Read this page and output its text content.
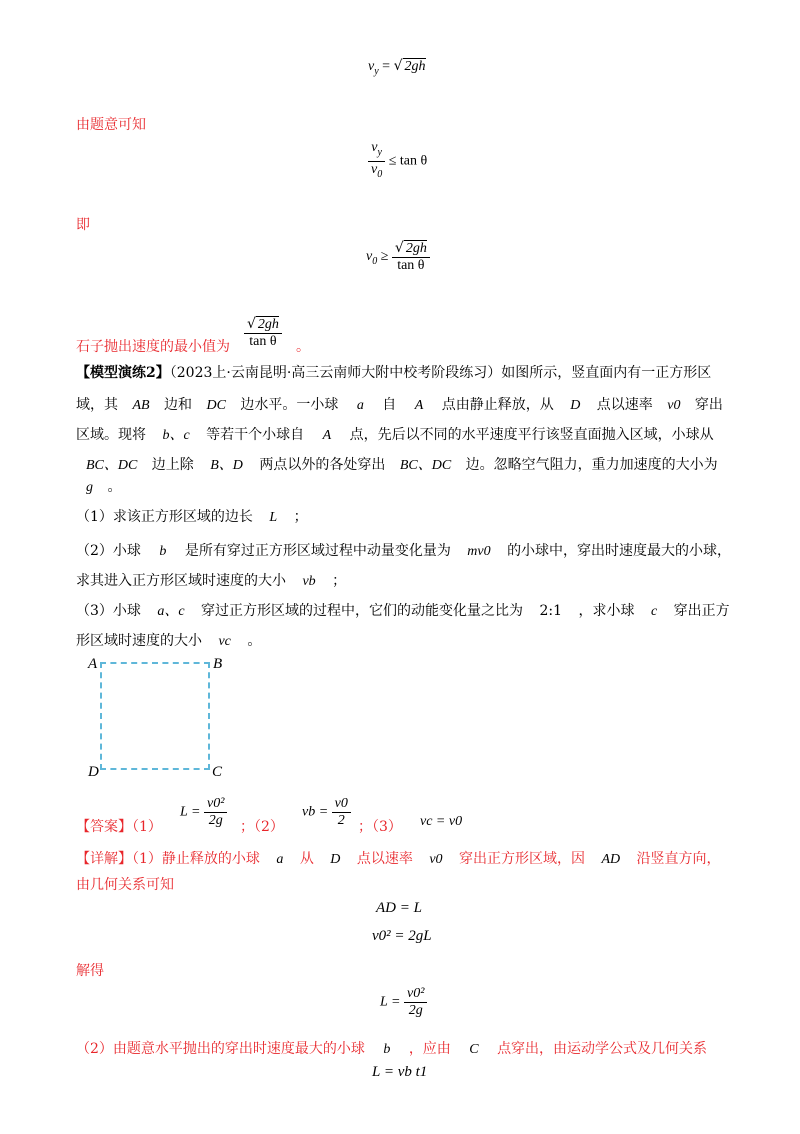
$v_y$ = √ 2gh
由题意可知
$\frac{v_y}{v_0} \le \tan \theta$
即
$v_0 \ge \frac{√ 2gh}{\text{tan θ}}$
石子抛出速度的最小值为 $\frac{√ 2gh}{\text{tan θ}}$ 。
【模型演练2】（2023上·云南昆明·高三云南师大附中校考阶段练习）如图所示，竖直面内有一正方形区
域，其 AB 边和 DC 边水平。一小球 a 自 A 点由静止释放，从 D 点以速率 v0 穿出
区域。现将 b、c 等若干个小球自 A 点，先后以不同的水平速度平行该竖直面抛入区域，小球从
BC、DC 边上除 B、D 两点以外的各处穿出 BC、DC 边。忽略空气阻力，重力加速度的大小为
g 。
（1）求该正方形区域的边长 L ；
（2）小球 b 是所有穿过正方形区域过程中动量变化量为 mv0 的小球中，穿出时速度最大的小球，
求其进入正方形区域时速度的大小 vb ；
（3）小球 a、c 穿过正方形区域的过程中，它们的动能变化量之比为 2:1 ，求小球 c 穿出正方
形区域时速度的大小 vc 。
A	B
D	C
【答案】（1）
$L = \frac{\text{v0²}}{2g}$ ；（2）
vb = $\frac{v0}{2}$ ；（3） vc = v0
【详解】（1）静止释放的小球 a 从 D 点以速率 v0 穿出正方形区域，因 AD 沿竖直方向，
由几何关系可知
AD = L
v0² = 2gL
解得
$L = \frac{\text{v0²}}{2g}$
（2）由题意水平抛出的穿出时速度最大的小球 b ，应由 C 点穿出，由运动学公式及几何关系
L = vb t1
